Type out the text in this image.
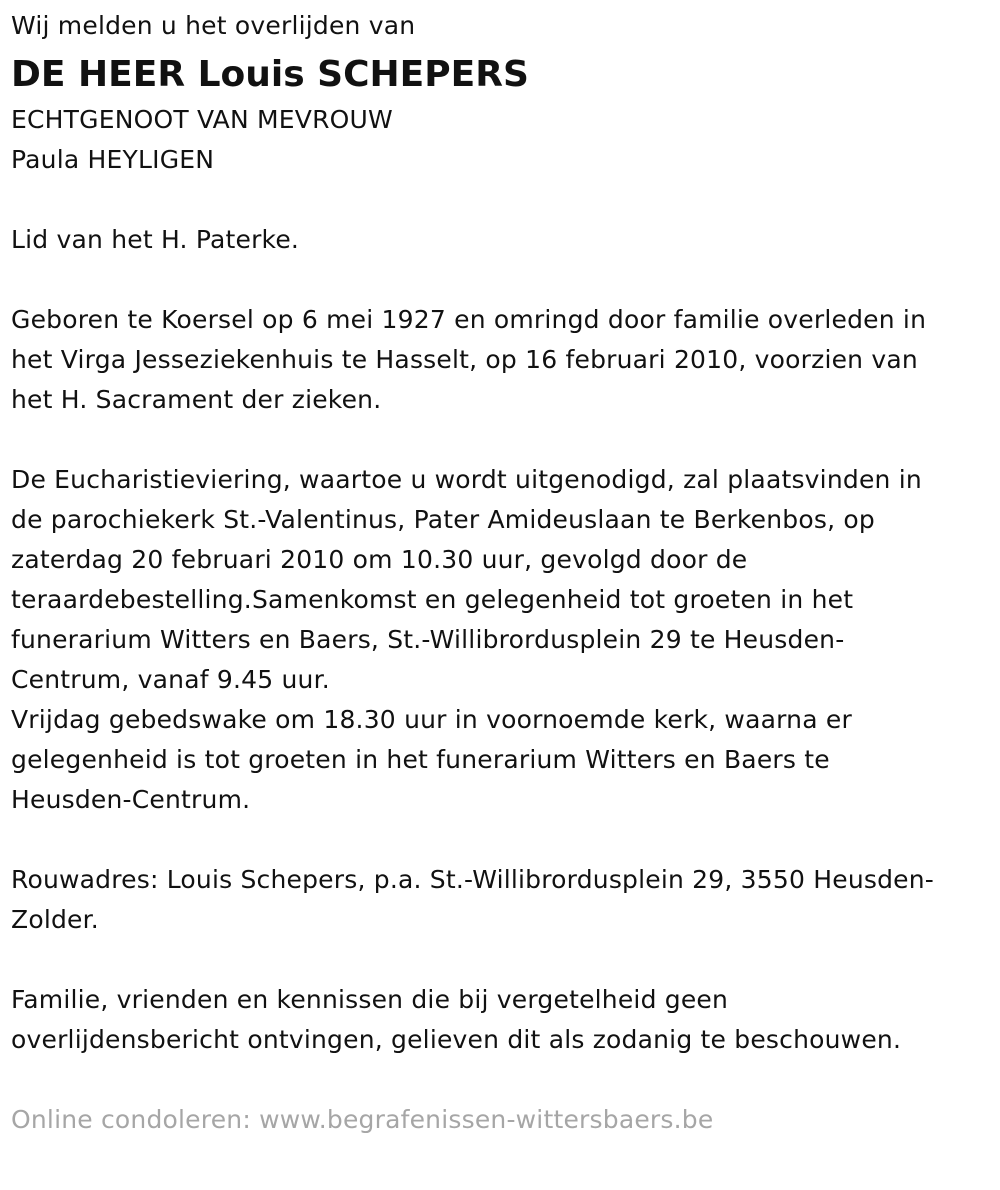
Wij melden u het overlijden van
DE HEER Louis SCHEPERS
ECHTGENOOT VAN MEVROUW
Paula HEYLIGEN
Lid van het H. Paterke.
Geboren te Koersel op 6 mei 1927 en omringd door familie overleden in
het Virga Jesseziekenhuis te Hasselt, op 16 februari 2010, voorzien van
het H. Sacrament der zieken.
De Eucharistieviering, waartoe u wordt uitgenodigd, zal plaatsvinden in
de parochiekerk St.-Valentinus, Pater Amideuslaan te Berkenbos, op
zaterdag 20 februari 2010 om 10.30 uur, gevolgd door de
teraardebestelling.Samenkomst en gelegenheid tot groeten in het
funerarium Witters en Baers, St.-Willibrordusplein 29 te Heusden-
Centrum, vanaf 9.45 uur.
Vrijdag gebedswake om 18.30 uur in voornoemde kerk, waarna er
gelegenheid is tot groeten in het funerarium Witters en Baers te
Heusden-Centrum.
Rouwadres: Louis Schepers, p.a. St.-Willibrordusplein 29, 3550 Heusden-
Zolder.
Familie, vrienden en kennissen die bij vergetelheid geen
overlijdensbericht ontvingen, gelieven dit als zodanig te beschouwen.
Online condoleren: www.begrafenissen-wittersbaers.be
